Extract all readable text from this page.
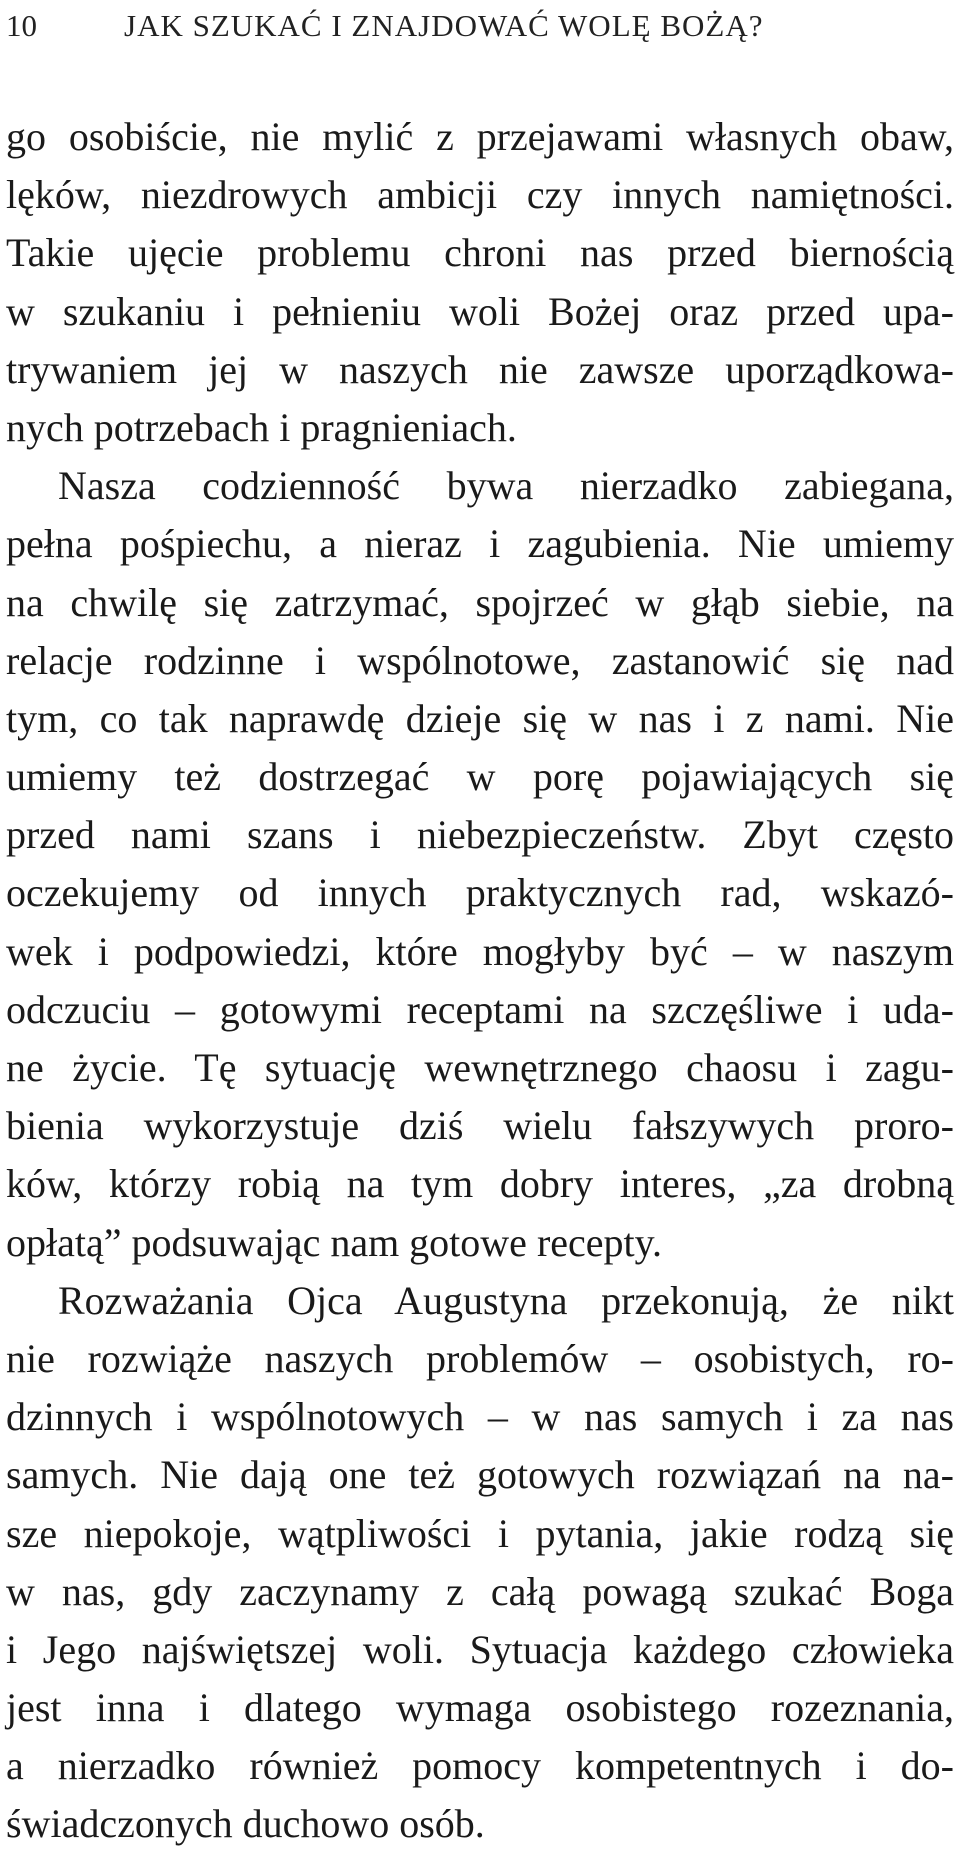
10	JAK SZUKAĆ I ZNAJDOWAĆ WOLĘ BOŻĄ?
go osobiście, nie mylić z przejawami własnych obaw,
lęków, niezdrowych ambicji czy innych namiętności.
Takie ujęcie problemu chroni nas przed biernością
w szukaniu i pełnieniu woli Bożej oraz przed upa-
trywaniem jej w naszych nie zawsze uporządkowa-
nych potrzebach i pragnieniach.
Nasza codzienność bywa nierzadko zabiegana,
pełna pośpiechu, a nieraz i zagubienia. Nie umiemy
na chwilę się zatrzymać, spojrzeć w głąb siebie, na
relacje rodzinne i wspólnotowe, zastanowić się nad
tym, co tak naprawdę dzieje się w nas i z nami. Nie
umiemy też dostrzegać w porę pojawiających się
przed nami szans i niebezpieczeństw. Zbyt często
oczekujemy od innych praktycznych rad, wskazó-
wek i podpowiedzi, które mogłyby być – w naszym
odczuciu – gotowymi receptami na szczęśliwe i uda-
ne życie. Tę sytuację wewnętrznego chaosu i zagu-
bienia wykorzystuje dziś wielu fałszywych proro-
ków, którzy robią na tym dobry interes, „za drobną
opłatą” podsuwając nam gotowe recepty.
Rozważania Ojca Augustyna przekonują, że nikt
nie rozwiąże naszych problemów – osobistych, ro-
dzinnych i wspólnotowych – w nas samych i za nas
samych. Nie dają one też gotowych rozwiązań na na-
sze niepokoje, wątpliwości i pytania, jakie rodzą się
w nas, gdy zaczynamy z całą powagą szukać Boga
i Jego najświętszej woli. Sytuacja każdego człowieka
jest inna i dlatego wymaga osobistego rozeznania,
a nierzadko również pomocy kompetentnych i do-
świadczonych duchowo osób.
